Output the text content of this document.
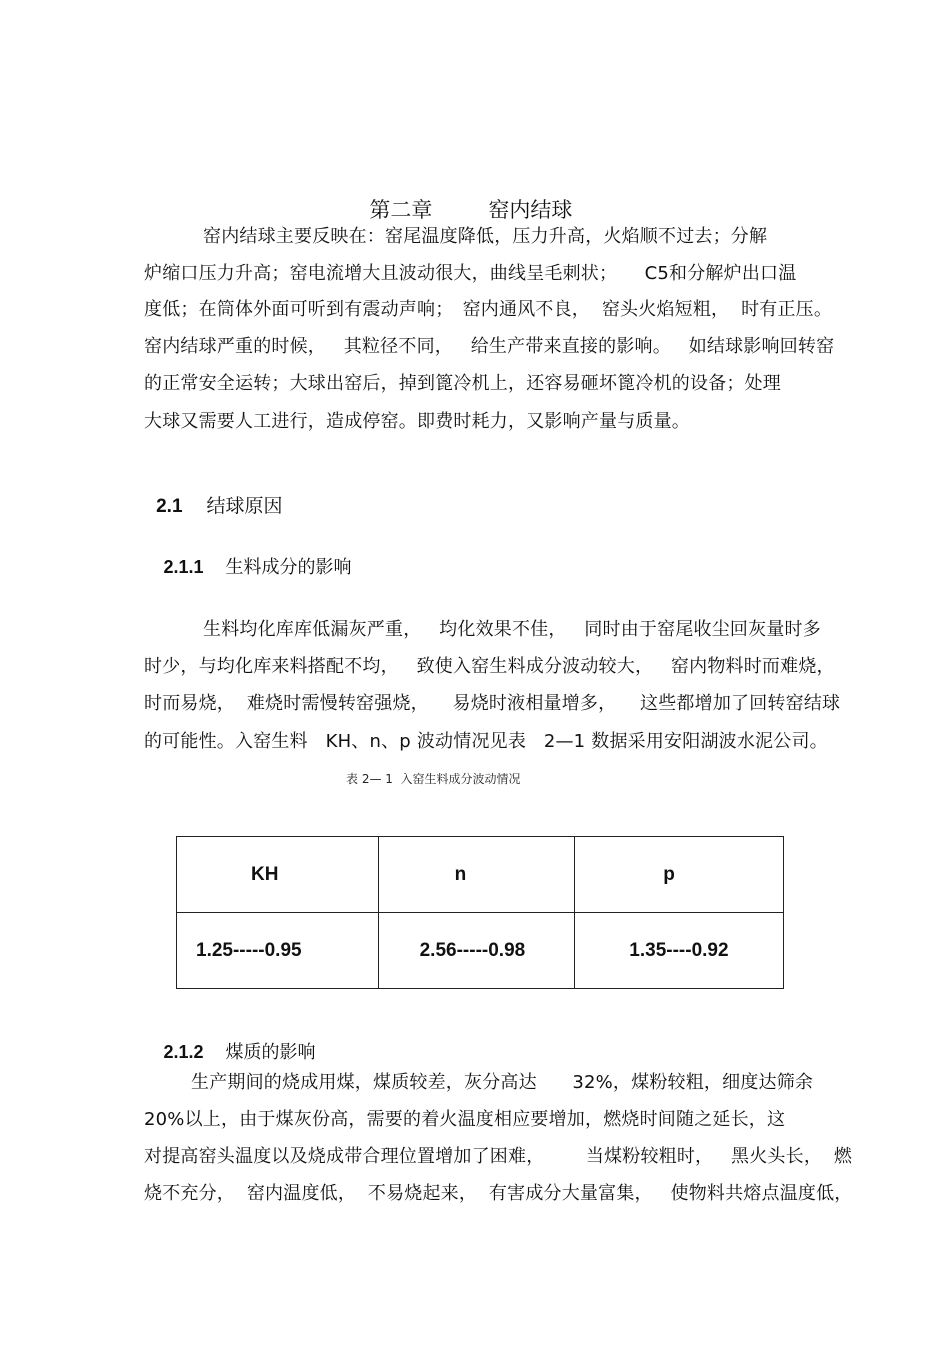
第二章	窑内结球

窑内结球主要反映在：窑尾温度降低，压力升高，火焰顺不过去；分解
炉缩口压力升高；窑电流增大且波动很大，曲线呈毛刺状；　　C5和分解炉出口温
度低；在筒体外面可听到有震动声响；　窑内通风不良，  窑头火焰短粗，  时有正压。
窑内结球严重的时候，   其粒径不同，   给生产带来直接的影响。   如结球影响回转窑
的正常安全运转；大球出窑后，掉到篦冷机上，还容易砸坏篦冷机的设备；处理
大球又需要人工进行，造成停窑。即费时耗力，又影响产量与质量。

2.1 结球原因

2.1.1 生料成分的影响

生料均化库库低漏灰严重，   均化效果不佳，   同时由于窑尾收尘回灰量时多
时少，与均化库来料搭配不均，   致使入窑生料成分波动较大，   窑内物料时而难烧，
时而易烧，  难烧时需慢转窑强烧，    易烧时液相量增多，    这些都增加了回转窑结球
的可能性。入窑生料   KH、n、p 波动情况见表   2—1 数据采用安阳湖波水泥公司。
表 2— 1  入窑生料成分波动情况
KH	n	p
1.25-----0.95	2.56-----0.98	1.35----0.92

2.1.2 煤质的影响

生产期间的烧成用煤，煤质较差，灰分高达      32%，煤粉较粗，细度达筛余
20%以上，由于煤灰份高，需要的着火温度相应要增加，燃烧时间随之延长，这
对提高窑头温度以及烧成带合理位置增加了困难，       当煤粉较粗时，   黑火头长，  燃
烧不充分，  窑内温度低，  不易烧起来，  有害成分大量富集，   使物料共熔点温度低，
